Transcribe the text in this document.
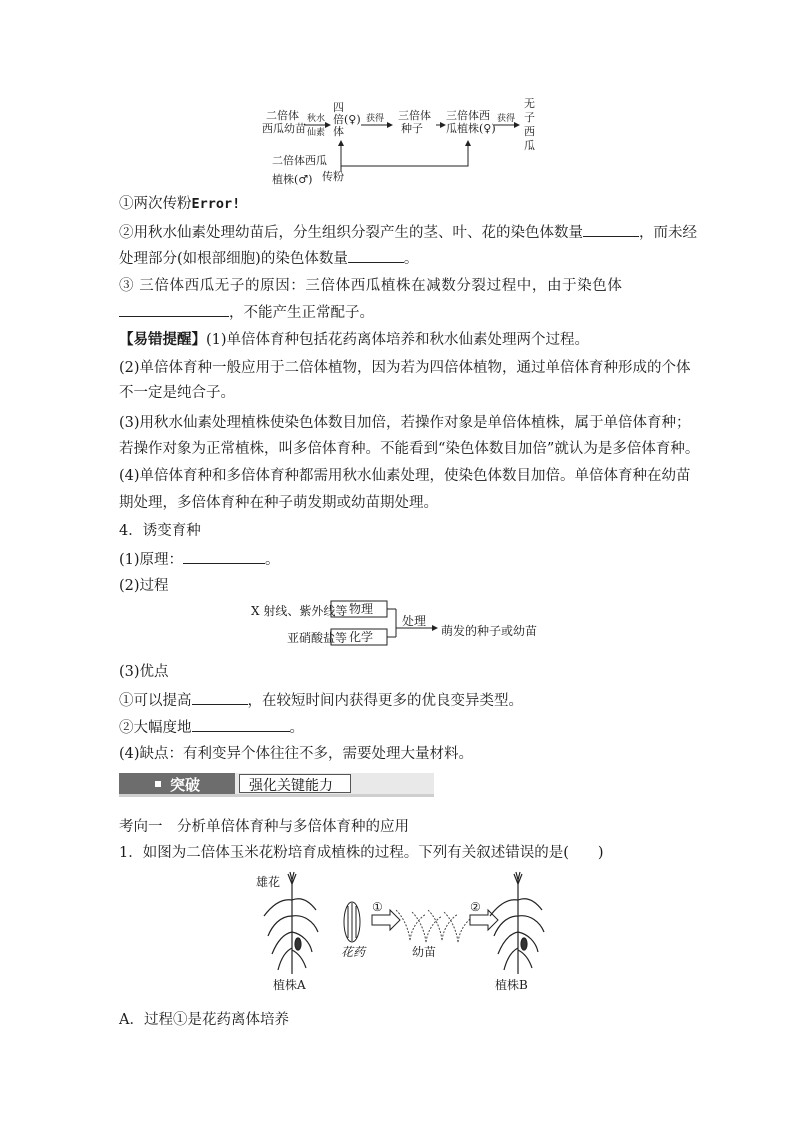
二倍体
西瓜幼苗
秋水
仙素
四
倍(♀)
体
获得 三倍体
种子
三倍体西
瓜植株(♀)
获得
无
子
西
瓜
二倍体西瓜
植株(♂) 传粉
①两次传粉Error!
②用秋水仙素处理幼苗后，分生组织分裂产生的茎、叶、花的染色体数量	，而未经
处理部分(如根部细胞)的染色体数量	。
③ 三倍体西瓜无子的原因：三倍体西瓜植株在减数分裂过程中，由于染色体
，不能产生正常配子。
【易错提醒】(1)单倍体育种包括花药离体培养和秋水仙素处理两个过程。
(2)单倍体育种一般应用于二倍体植物，因为若为四倍体植物，通过单倍体育种形成的个体
不一定是纯合子。
(3)用秋水仙素处理植株使染色体数目加倍，若操作对象是单倍体植株，属于单倍体育种；
若操作对象为正常植株，叫多倍体育种。不能看到“染色体数目加倍”就认为是多倍体育种。
(4)单倍体育种和多倍体育种都需用秋水仙素处理，使染色体数目加倍。单倍体育种在幼苗
期处理，多倍体育种在种子萌发期或幼苗期处理。
4．诱变育种
(1)原理：	。
(2)过程
X 射线、紫外线等
亚硝酸盐等
物理
化学
处理
萌发的种子或幼苗
(3)优点
①可以提高	，在较短时间内获得更多的优良变异类型。
②大幅度地	。
(4)缺点：有利变异个体往往不多，需要处理大量材料。
突破	强化关键能力
考向一　分析单倍体育种与多倍体育种的应用
1．如图为二倍体玉米花粉培育成植株的过程。下列有关叙述错误的是(　　)
雄花
①	②
花药	幼苗
植株A	植株B
A．过程①是花药离体培养
